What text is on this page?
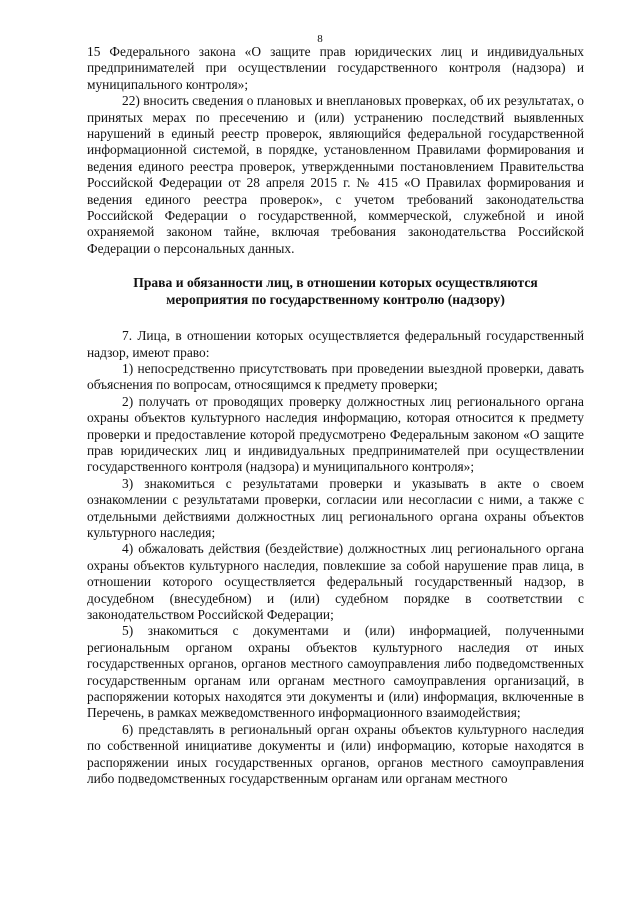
8

15 Федерального закона «О защите прав юридических лиц и индивидуальных предпринимателей при осуществлении государственного контроля (надзора) и муниципального контроля»;

22) вносить сведения о плановых и внеплановых проверках, об их результатах, о принятых мерах по пресечению и (или) устранению последствий выявленных нарушений в единый реестр проверок, являющийся федеральной государственной информационной системой, в порядке, установленном Правилами формирования и ведения единого реестра проверок, утвержденными постановлением Правительства Российской Федерации от 28 апреля 2015 г. № 415 «О Правилах формирования и ведения единого реестра проверок», с учетом требований законодательства Российской Федерации о государственной, коммерческой, служебной и иной охраняемой законом тайне, включая требования законодательства Российской Федерации о персональных данных.

Права и обязанности лиц, в отношении которых осуществляются
мероприятия по государственному контролю (надзору)

7. Лица, в отношении которых осуществляется федеральный государственный надзор, имеют право:

1) непосредственно присутствовать при проведении выездной проверки, давать объяснения по вопросам, относящимся к предмету проверки;

2) получать от проводящих проверку должностных лиц регионального органа охраны объектов культурного наследия информацию, которая относится к предмету проверки и предоставление которой предусмотрено Федеральным законом «О защите прав юридических лиц и индивидуальных предпринимателей при осуществлении государственного контроля (надзора) и муниципального контроля»;

3) знакомиться с результатами проверки и указывать в акте о своем ознакомлении с результатами проверки, согласии или несогласии с ними, а также с отдельными действиями должностных лиц регионального органа охраны объектов культурного наследия;

4) обжаловать действия (бездействие) должностных лиц регионального органа охраны объектов культурного наследия, повлекшие за собой нарушение прав лица, в отношении которого осуществляется федеральный государственный надзор, в досудебном (внесудебном) и (или) судебном порядке в соответствии с законодательством Российской Федерации;

5) знакомиться с документами и (или) информацией, полученными региональным органом охраны объектов культурного наследия от иных государственных органов, органов местного самоуправления либо подведомственных государственным органам или органам местного самоуправления организаций, в распоряжении которых находятся эти документы и (или) информация, включенные в Перечень, в рамках межведомственного информационного взаимодействия;

6) представлять в региональный орган охраны объектов культурного наследия по собственной инициативе документы и (или) информацию, которые находятся в распоряжении иных государственных органов, органов местного самоуправления либо подведомственных государственным органам или органам местного
